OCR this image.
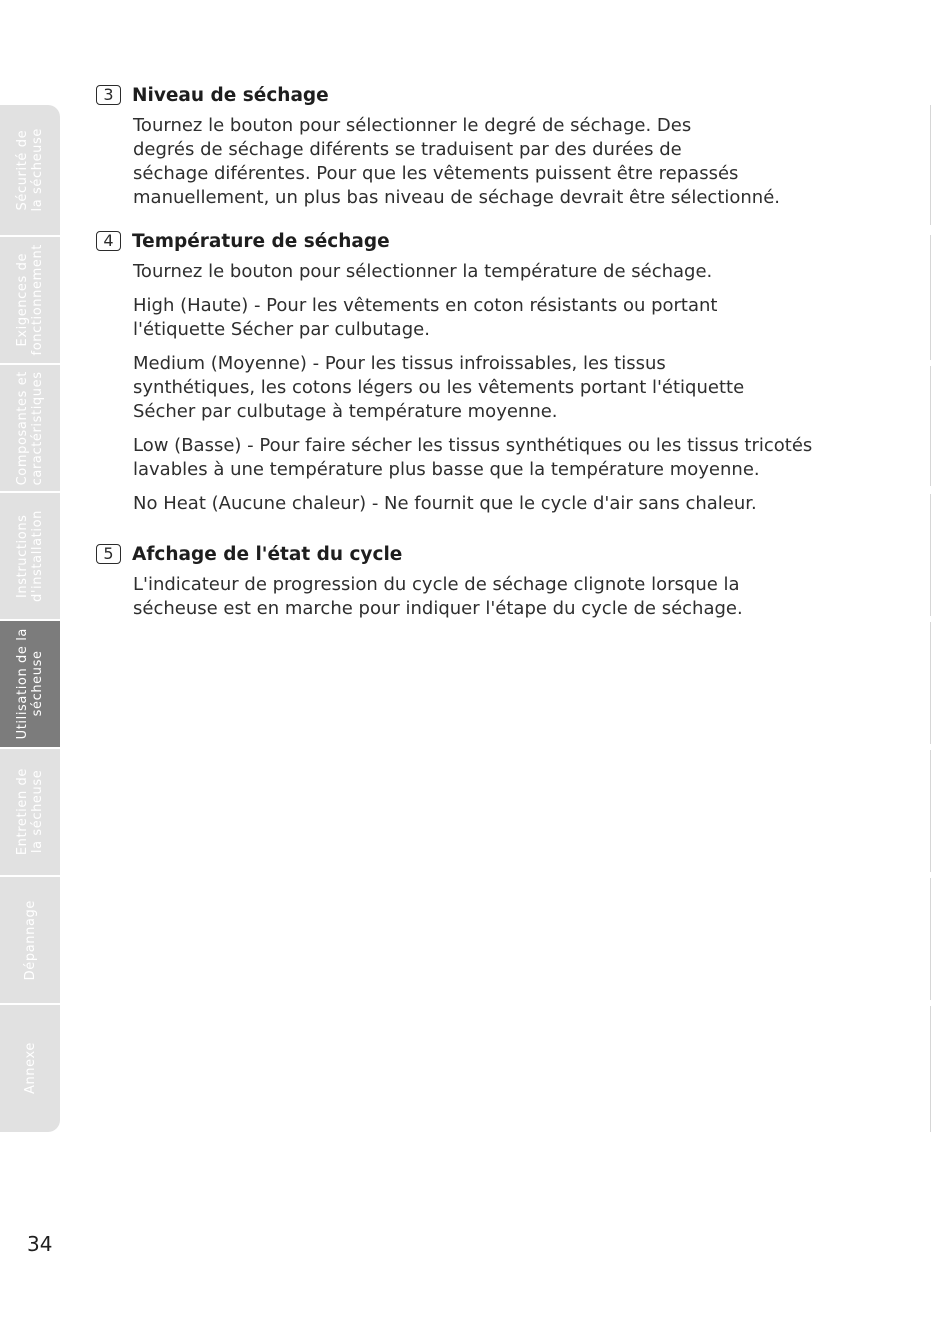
Sécurité de la sécheuse
Exigences de fonctionnement
Composantes et caractéristiques
Instructions d'installation
Utilisation de la sécheuse
Entretien de la sécheuse
Dépannage
Annexe
3 Niveau de séchage
Tournez le bouton pour sélectionner le degré de séchage. Des
degrés de séchage diférents se traduisent par des durées de
séchage diférentes. Pour que les vêtements puissent être repassés
manuellement, un plus bas niveau de séchage devrait être sélectionné.
4 Température de séchage
Tournez le bouton pour sélectionner la température de séchage.
High (Haute) - Pour les vêtements en coton résistants ou portant
l'étiquette Sécher par culbutage.
Medium (Moyenne) - Pour les tissus infroissables, les tissus
synthétiques, les cotons légers ou les vêtements portant l'étiquette
Sécher par culbutage à température moyenne.
Low (Basse) - Pour faire sécher les tissus synthétiques ou les tissus tricotés
lavables à une température plus basse que la température moyenne.
No Heat (Aucune chaleur) - Ne fournit que le cycle d'air sans chaleur.
5 Afchage de l'état du cycle
L'indicateur de progression du cycle de séchage clignote lorsque la
sécheuse est en marche pour indiquer l'étape du cycle de séchage.
34
